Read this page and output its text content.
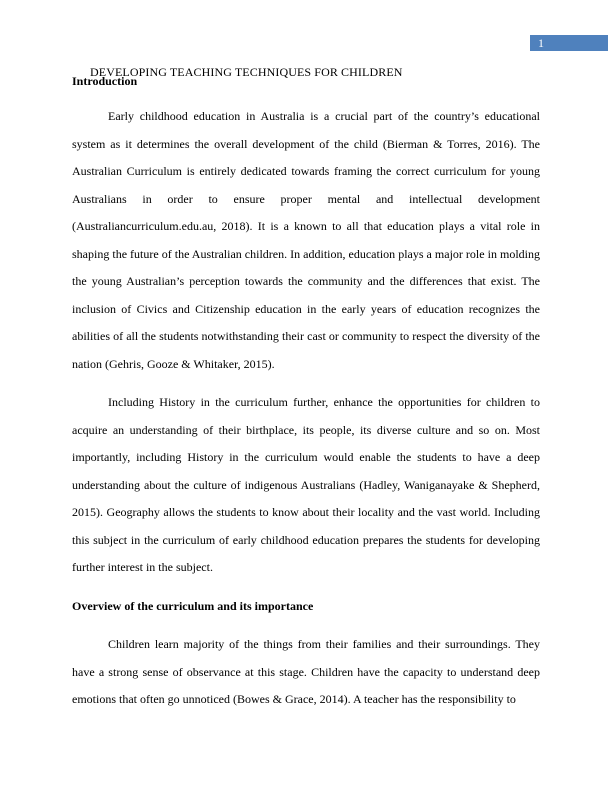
1
DEVELOPING TEACHING TECHNIQUES FOR CHILDREN
Introduction

Early childhood education in Australia is a crucial part of the country’s educational system as it determines the overall development of the child (Bierman & Torres, 2016). The Australian Curriculum is entirely dedicated towards framing the correct curriculum for young Australians in order to ensure proper mental and intellectual development (Australiancurriculum.edu.au, 2018). It is a known to all that education plays a vital role in shaping the future of the Australian children. In addition, education plays a major role in molding the young Australian’s perception towards the community and the differences that exist. The inclusion of Civics and Citizenship education in the early years of education recognizes the abilities of all the students notwithstanding their cast or community to respect the diversity of the nation (Gehris, Gooze & Whitaker, 2015).

Including History in the curriculum further, enhance the opportunities for children to acquire an understanding of their birthplace, its people, its diverse culture and so on. Most importantly, including History in the curriculum would enable the students to have a deep understanding about the culture of indigenous Australians (Hadley, Waniganayake & Shepherd, 2015). Geography allows the students to know about their locality and the vast world. Including this subject in the curriculum of early childhood education prepares the students for developing further interest in the subject.

Overview of the curriculum and its importance

Children learn majority of the things from their families and their surroundings. They have a strong sense of observance at this stage. Children have the capacity to understand deep emotions that often go unnoticed (Bowes & Grace, 2014). A teacher has the responsibility to
